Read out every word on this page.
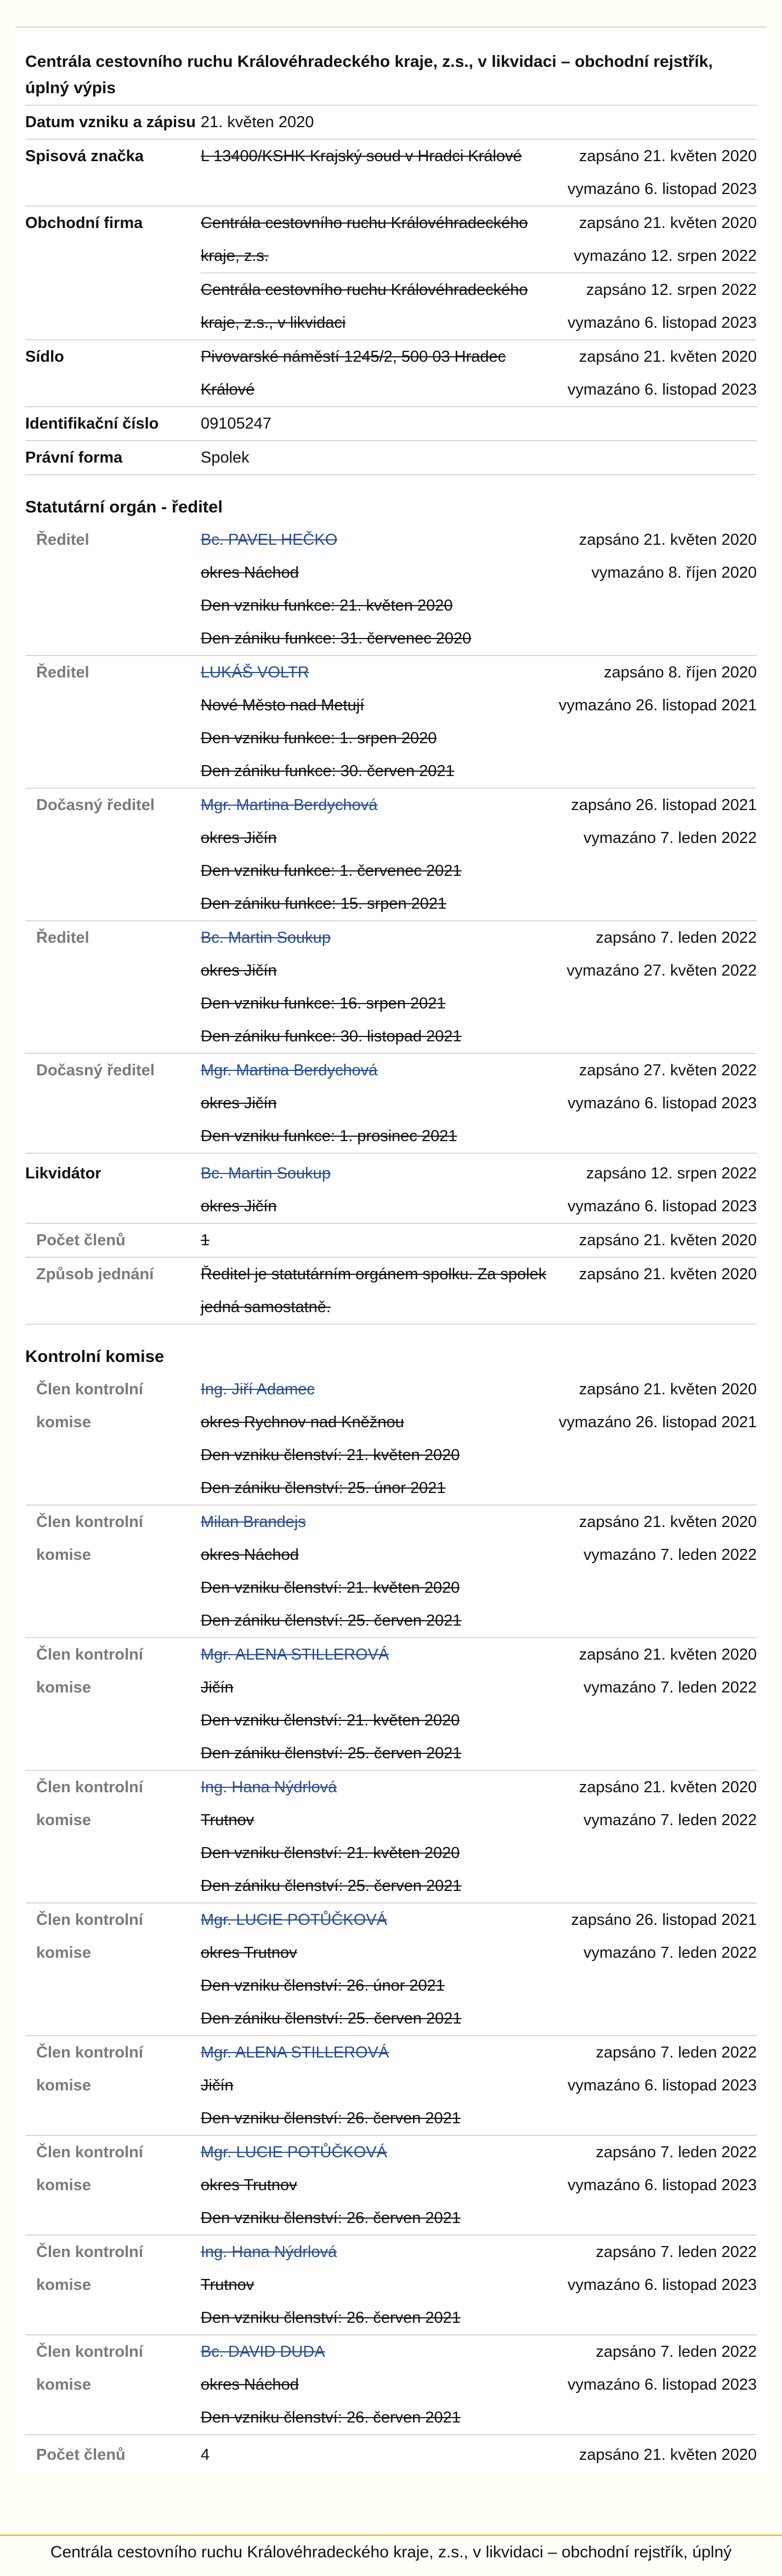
Centrála cestovního ruchu Královéhradeckého kraje, z.s., v likvidaci – obchodní rejstřík, úplný výpis
Datum vzniku a zápisu 21. květen 2020
Spisová značka	L 13400/KSHK Krajský soud v Hradci Králové	zapsáno 21. květen 2020
vymazáno 6. listopad 2023
Obchodní firma	Centrála cestovního ruchu Královéhradeckého	zapsáno 21. květen 2020
kraje, z.s.	vymazáno 12. srpen 2022
Centrála cestovního ruchu Královéhradeckého	zapsáno 12. srpen 2022
kraje, z.s., v likvidaci	vymazáno 6. listopad 2023
Sídlo	Pivovarské náměstí 1245/2, 500 03 Hradec	zapsáno 21. květen 2020
Králové	vymazáno 6. listopad 2023
Identifikační číslo	09105247
Právní forma	Spolek
Statutární orgán - ředitel
Ředitel	Bc. PAVEL HEČKO	zapsáno 21. květen 2020
okres Náchod	vymazáno 8. říjen 2020
Den vzniku funkce: 21. květen 2020
Den zániku funkce: 31. červenec 2020
Ředitel	LUKÁŠ VOLTR	zapsáno 8. říjen 2020
Nové Město nad Metují	vymazáno 26. listopad 2021
Den vzniku funkce: 1. srpen 2020
Den zániku funkce: 30. červen 2021
Dočasný ředitel	Mgr. Martina Berdychová	zapsáno 26. listopad 2021
okres Jičín	vymazáno 7. leden 2022
Den vzniku funkce: 1. červenec 2021
Den zániku funkce: 15. srpen 2021
Ředitel	Bc. Martin Soukup	zapsáno 7. leden 2022
okres Jičín	vymazáno 27. květen 2022
Den vzniku funkce: 16. srpen 2021
Den zániku funkce: 30. listopad 2021
Dočasný ředitel	Mgr. Martina Berdychová	zapsáno 27. květen 2022
okres Jičín	vymazáno 6. listopad 2023
Den vzniku funkce: 1. prosinec 2021
Likvidátor	Bc. Martin Soukup	zapsáno 12. srpen 2022
okres Jičín	vymazáno 6. listopad 2023
Počet členů	1	zapsáno 21. květen 2020
Způsob jednání	Ředitel je statutárním orgánem spolku. Za spolek zapsáno 21. květen 2020
jedná samostatně.
Kontrolní komise
Člen kontrolní
komise
Ing. Jiří Adamec	zapsáno 21. květen 2020
okres Rychnov nad Kněžnou	vymazáno 26. listopad 2021
Den vzniku členství: 21. květen 2020
Den zániku členství: 25. únor 2021
Člen kontrolní
komise
Milan Brandejs	zapsáno 21. květen 2020
okres Náchod	vymazáno 7. leden 2022
Den vzniku členství: 21. květen 2020
Den zániku členství: 25. červen 2021
Člen kontrolní
komise
Mgr. ALENA STILLEROVÁ	zapsáno 21. květen 2020
Jičín	vymazáno 7. leden 2022
Den vzniku členství: 21. květen 2020
Den zániku členství: 25. červen 2021
Člen kontrolní
komise
Ing. Hana Nýdrlová	zapsáno 21. květen 2020
Trutnov	vymazáno 7. leden 2022
Den vzniku členství: 21. květen 2020
Den zániku členství: 25. červen 2021
Člen kontrolní
komise
Mgr. LUCIE POTŮČKOVÁ	zapsáno 26. listopad 2021
okres Trutnov	vymazáno 7. leden 2022
Den vzniku členství: 26. únor 2021
Den zániku členství: 25. červen 2021
Člen kontrolní
komise
Mgr. ALENA STILLEROVÁ	zapsáno 7. leden 2022
Jičín	vymazáno 6. listopad 2023
Den vzniku členství: 26. červen 2021
Člen kontrolní
komise
Mgr. LUCIE POTŮČKOVÁ	zapsáno 7. leden 2022
okres Trutnov	vymazáno 6. listopad 2023
Den vzniku členství: 26. červen 2021
Člen kontrolní
komise
Ing. Hana Nýdrlová	zapsáno 7. leden 2022
Trutnov	vymazáno 6. listopad 2023
Den vzniku členství: 26. červen 2021
Člen kontrolní
komise
Bc. DAVID DUDA	zapsáno 7. leden 2022
okres Náchod	vymazáno 6. listopad 2023
Den vzniku členství: 26. červen 2021
Počet členů	4	zapsáno 21. květen 2020
Centrála cestovního ruchu Královéhradeckého kraje, z.s., v likvidaci – obchodní rejstřík, úplný
